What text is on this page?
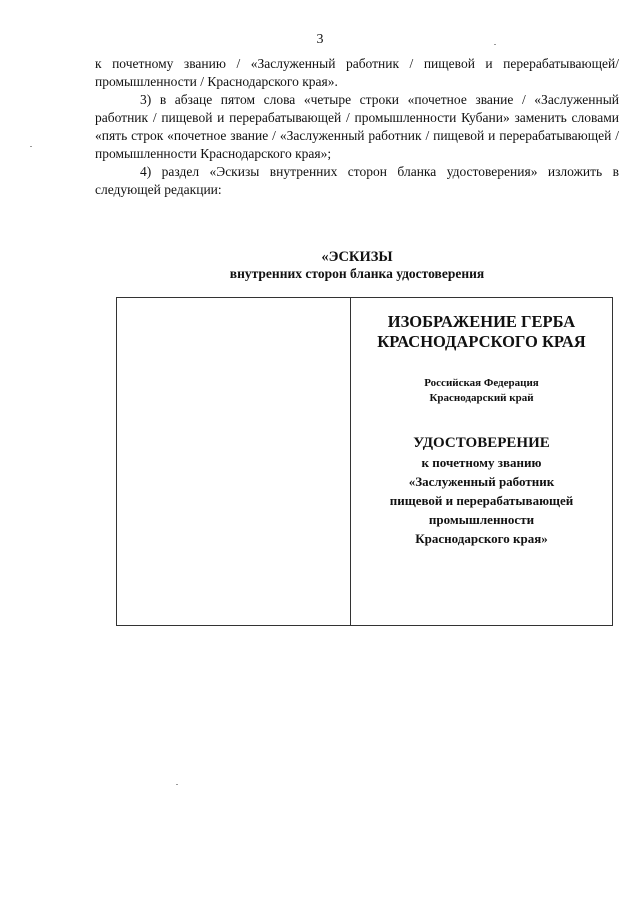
3

к почетному званию / «Заслуженный работник / пищевой и перерабатывающей/ промышленности / Краснодарского края».

3) в абзаце пятом слова «четыре строки «почетное звание / «Заслуженный работник / пищевой и перерабатывающей / промышленности Кубани» заменить словами «пять строк «почетное звание / «Заслуженный работник / пищевой и перерабатывающей / промышленности Краснодарского края»;

4) раздел «Эскизы внутренних сторон бланка удостоверения» изложить в следующей редакции:

«ЭСКИЗЫ
внутренних сторон бланка удостоверения
ИЗОБРАЖЕНИЕ ГЕРБА
КРАСНОДАРСКОГО КРАЯ
Российская Федерация
Краснодарский край
УДОСТОВЕРЕНИЕ
к почетному званию
«Заслуженный работник
пищевой и перерабатывающей
промышленности
Краснодарского края»
